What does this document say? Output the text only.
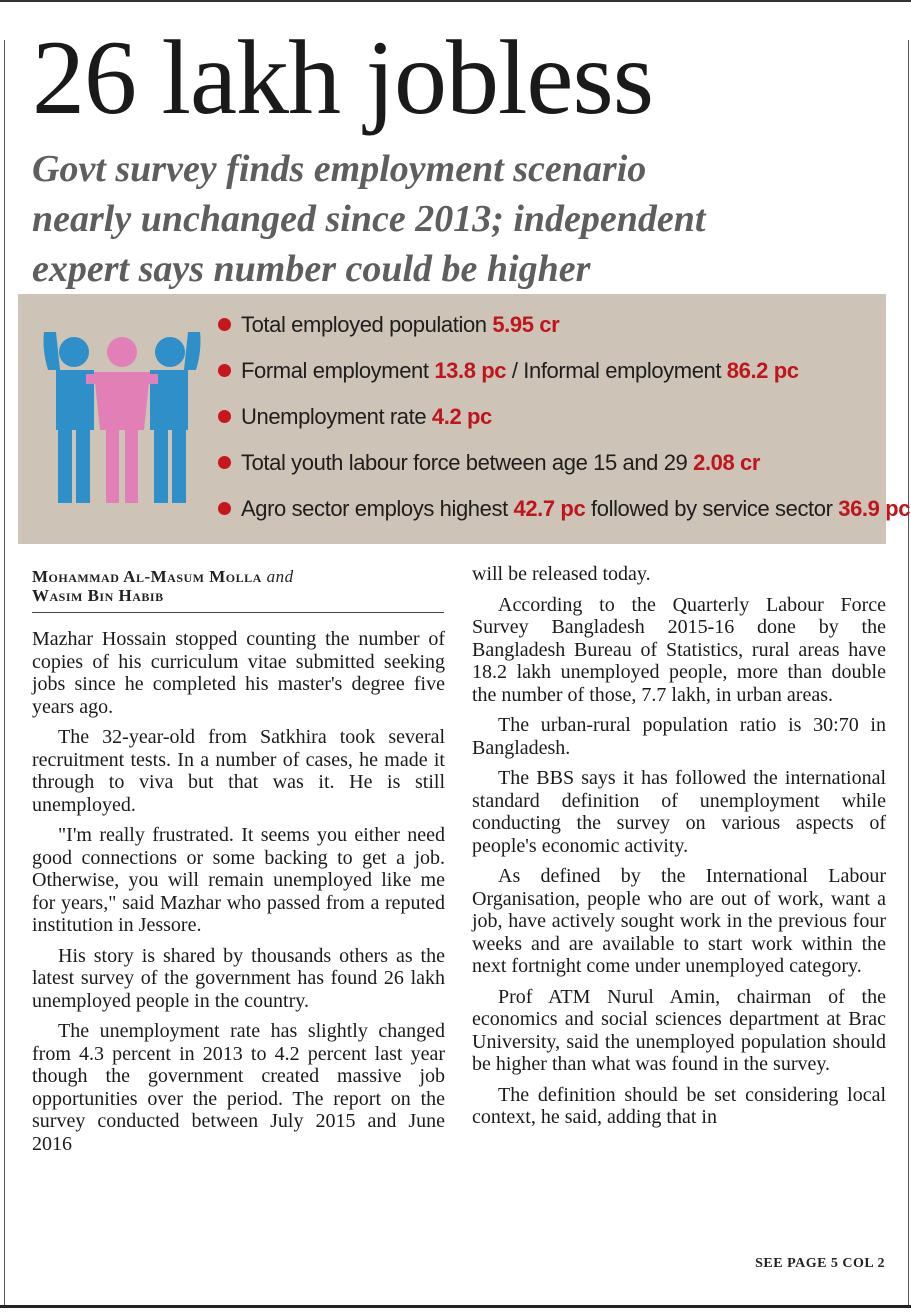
26 lakh jobless
Govt survey finds employment scenario
nearly unchanged since 2013; independent
expert says number could be higher
Total employed population 5.95 cr
Formal employment 13.8 pc / Informal employment 86.2 pc
Unemployment rate 4.2 pc
Total youth labour force between age 15 and 29 2.08 cr
Agro sector employs highest 42.7 pc followed by service sector 36.9 pc
Mohammad Al-Masum Molla and
Wasim Bin Habib

Mazhar Hossain stopped counting the number of copies of his curriculum vitae submitted seeking jobs since he completed his master's degree five years ago.

The 32-year-old from Satkhira took several recruitment tests. In a number of cases, he made it through to viva but that was it. He is still unemployed.

"I'm really frustrated. It seems you either need good connections or some backing to get a job. Otherwise, you will remain unemployed like me for years," said Mazhar who passed from a reputed institution in Jessore.

His story is shared by thousands others as the latest survey of the government has found 26 lakh unemployed people in the country.

The unemployment rate has slightly changed from 4.3 percent in 2013 to 4.2 percent last year though the government created massive job opportunities over the period. The report on the survey conducted between July 2015 and June 2016

will be released today.

According to the Quarterly Labour Force Survey Bangladesh 2015-16 done by the Bangladesh Bureau of Statistics, rural areas have 18.2 lakh unemployed people, more than double the number of those, 7.7 lakh, in urban areas.

The urban-rural population ratio is 30:70 in Bangladesh.

The BBS says it has followed the international standard definition of unemployment while conducting the survey on various aspects of people's economic activity.

As defined by the International Labour Organisation, people who are out of work, want a job, have actively sought work in the previous four weeks and are available to start work within the next fortnight come under unemployed category.

Prof ATM Nurul Amin, chairman of the economics and social sciences department at Brac University, said the unemployed population should be higher than what was found in the survey.

The definition should be set considering local context, he said, adding that in

SEE PAGE 5 COL 2
